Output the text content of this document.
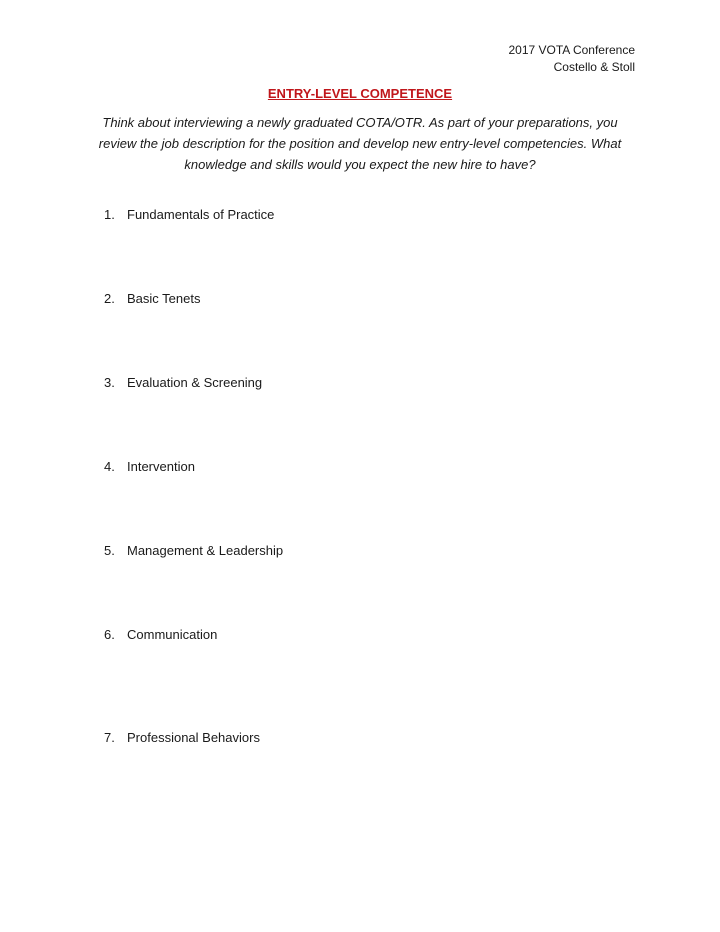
2017 VOTA Conference
Costello & Stoll
ENTRY-LEVEL COMPETENCE
Think about interviewing a newly graduated COTA/OTR. As part of your preparations, you review the job description for the position and develop new entry-level competencies. What knowledge and skills would you expect the new hire to have?
1. Fundamentals of Practice
2. Basic Tenets
3. Evaluation & Screening
4. Intervention
5. Management & Leadership
6. Communication
7. Professional Behaviors
